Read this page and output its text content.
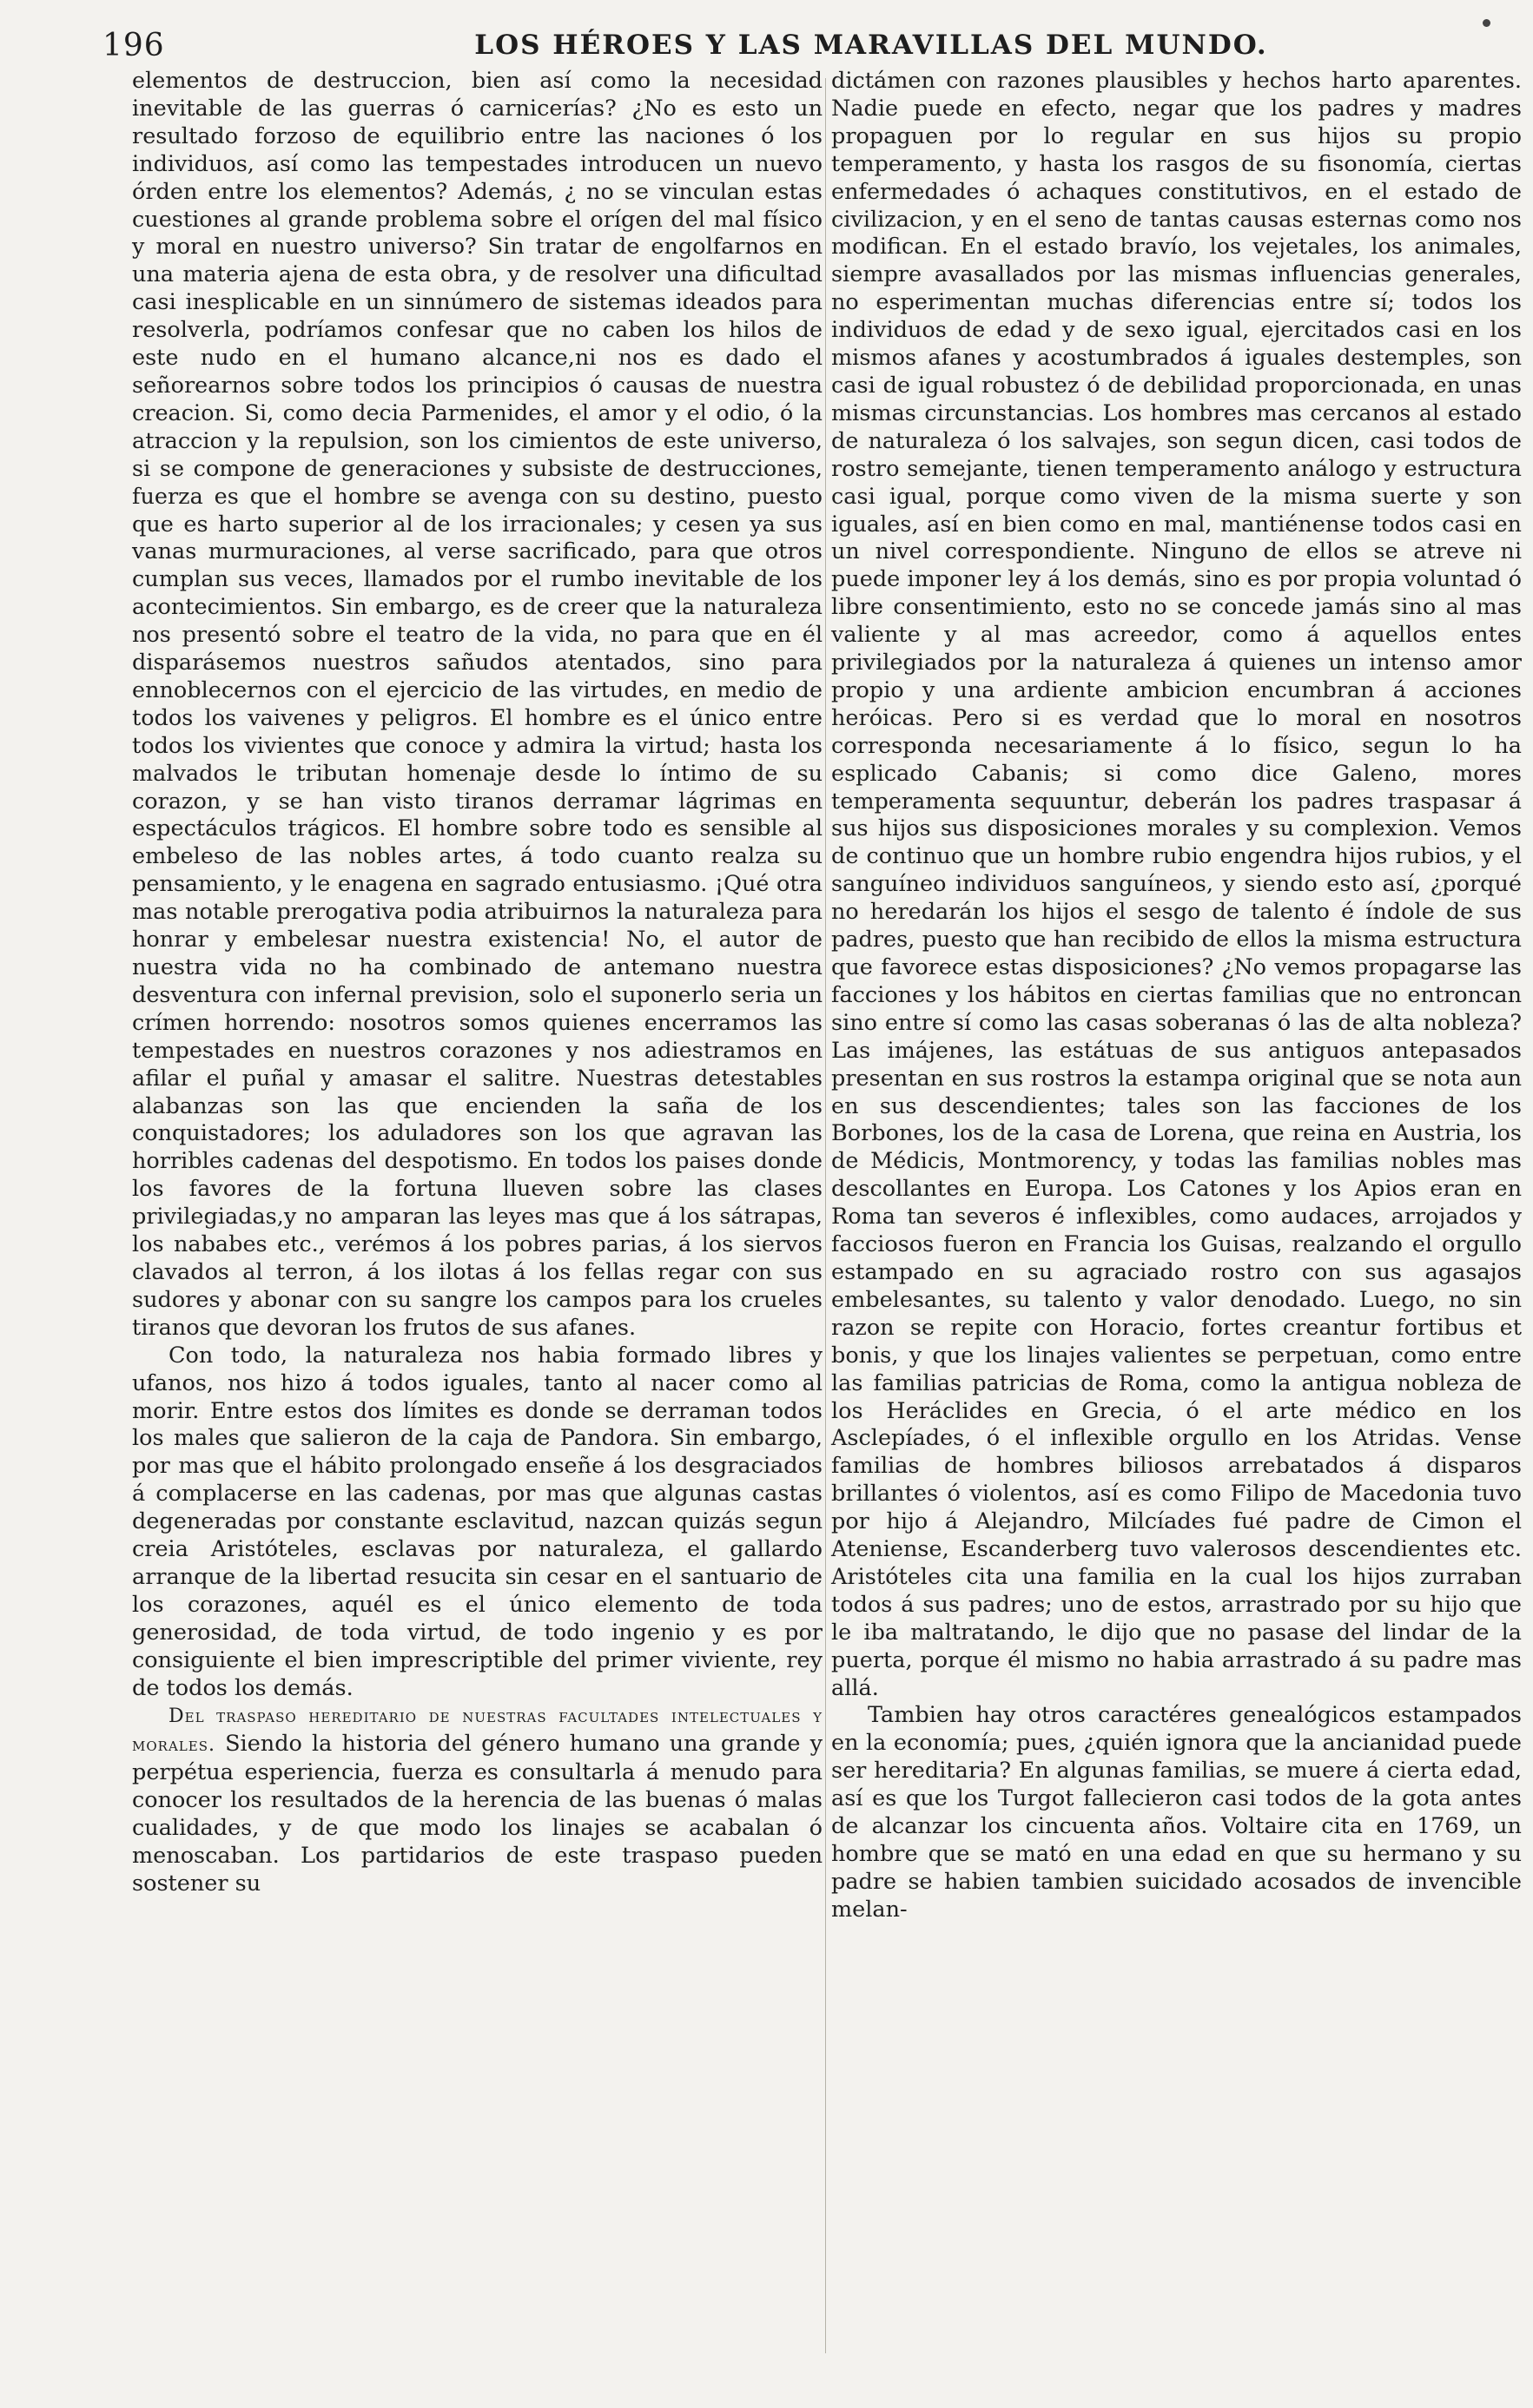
196	LOS HÉROES Y LAS MARAVILLAS DEL MUNDO.

elementos de destruccion, bien así como la necesidad inevitable de las guerras ó carnicerías? ¿No es esto un resultado forzoso de equilibrio entre las naciones ó los individuos, así como las tempestades introducen un nuevo órden entre los elementos? Además, ¿ no se vinculan estas cuestiones al grande problema sobre el orígen del mal físico y moral en nuestro universo? Sin tratar de engolfarnos en una materia ajena de esta obra, y de resolver una dificultad casi inesplicable en un sinnúmero de sistemas ideados para resolverla, podríamos confesar que no caben los hilos de este nudo en el humano alcance,ni nos es dado el señorearnos sobre todos los principios ó causas de nuestra creacion. Si, como decia Parmenides, el amor y el odio, ó la atraccion y la repulsion, son los cimientos de este universo, si se compone de generaciones y subsiste de destrucciones, fuerza es que el hombre se avenga con su destino, puesto que es harto superior al de los irracionales; y cesen ya sus vanas murmuraciones, al verse sacrificado, para que otros cumplan sus veces, llamados por el rumbo inevitable de los acontecimientos. Sin embargo, es de creer que la naturaleza nos presentó sobre el teatro de la vida, no para que en él disparásemos nuestros sañudos atentados, sino para ennoblecernos con el ejercicio de las virtudes, en medio de todos los vaivenes y peligros. El hombre es el único entre todos los vivientes que conoce y admira la virtud; hasta los malvados le tributan homenaje desde lo íntimo de su corazon, y se han visto tiranos derramar lágrimas en espectáculos trágicos. El hombre sobre todo es sensible al embeleso de las nobles artes, á todo cuanto realza su pensamiento, y le enagena en sagrado entusiasmo. ¡Qué otra mas notable prerogativa podia atribuirnos la naturaleza para honrar y embelesar nuestra existencia! No, el autor de nuestra vida no ha combinado de antemano nuestra desventura con infernal prevision, solo el suponerlo seria un crímen horrendo: nosotros somos quienes encerramos las tempestades en nuestros corazones y nos adiestramos en afilar el puñal y amasar el salitre. Nuestras detestables alabanzas son las que encienden la saña de los conquistadores; los aduladores son los que agravan las horribles cadenas del despotismo. En todos los paises donde los favores de la fortuna llueven sobre las clases privilegiadas,y no amparan las leyes mas que á los sátrapas, los nababes etc., verémos á los pobres parias, á los siervos clavados al terron, á los ilotas á los fellas regar con sus sudores y abonar con su sangre los campos para los crueles tiranos que devoran los frutos de sus afanes.

Con todo, la naturaleza nos habia formado libres y ufanos, nos hizo á todos iguales, tanto al nacer como al morir. Entre estos dos límites es donde se derraman todos los males que salieron de la caja de Pandora. Sin embargo, por mas que el hábito prolongado enseñe á los desgraciados á complacerse en las cadenas, por mas que algunas castas degeneradas por constante esclavitud, nazcan quizás segun creia Aristóteles, esclavas por naturaleza, el gallardo arranque de la libertad resucita sin cesar en el santuario de los corazones, aquél es el único elemento de toda generosidad, de toda virtud, de todo ingenio y es por consiguiente el bien imprescriptible del primer viviente, rey de todos los demás.

Del traspaso hereditario de nuestras facultades intelectuales y morales. Siendo la historia del género humano una grande y perpétua esperiencia, fuerza es consultarla á menudo para conocer los resultados de la herencia de las buenas ó malas cualidades, y de que modo los linajes se acabalan ó menoscaban. Los partidarios de este traspaso pueden sostener su

dictámen con razones plausibles y hechos harto aparentes. Nadie puede en efecto, negar que los padres y madres propaguen por lo regular en sus hijos su propio temperamento, y hasta los rasgos de su fisonomía, ciertas enfermedades ó achaques constitutivos, en el estado de civilizacion, y en el seno de tantas causas esternas como nos modifican. En el estado bravío, los vejetales, los animales, siempre avasallados por las mismas influencias generales, no esperimentan muchas diferencias entre sí; todos los individuos de edad y de sexo igual, ejercitados casi en los mismos afanes y acostumbrados á iguales destemples, son casi de igual robustez ó de debilidad proporcionada, en unas mismas circunstancias. Los hombres mas cercanos al estado de naturaleza ó los salvajes, son segun dicen, casi todos de rostro semejante, tienen temperamento análogo y estructura casi igual, porque como viven de la misma suerte y son iguales, así en bien como en mal, mantiénense todos casi en un nivel correspondiente. Ninguno de ellos se atreve ni puede imponer ley á los demás, sino es por propia voluntad ó libre consentimiento, esto no se concede jamás sino al mas valiente y al mas acreedor, como á aquellos entes privilegiados por la naturaleza á quienes un intenso amor propio y una ardiente ambicion encumbran á acciones heróicas. Pero si es verdad que lo moral en nosotros corresponda necesariamente á lo físico, segun lo ha esplicado Cabanis; si como dice Galeno, mores temperamenta sequuntur, deberán los padres traspasar á sus hijos sus disposiciones morales y su complexion. Vemos de continuo que un hombre rubio engendra hijos rubios, y el sanguíneo individuos sanguíneos, y siendo esto así, ¿porqué no heredarán los hijos el sesgo de talento é índole de sus padres, puesto que han recibido de ellos la misma estructura que favorece estas disposiciones? ¿No vemos propagarse las facciones y los hábitos en ciertas familias que no entroncan sino entre sí como las casas soberanas ó las de alta nobleza? Las imájenes, las estátuas de sus antiguos antepasados presentan en sus rostros la estampa original que se nota aun en sus descendientes; tales son las facciones de los Borbones, los de la casa de Lorena, que reina en Austria, los de Médicis, Montmorency, y todas las familias nobles mas descollantes en Europa. Los Catones y los Apios eran en Roma tan severos é inflexibles, como audaces, arrojados y facciosos fueron en Francia los Guisas, realzando el orgullo estampado en su agraciado rostro con sus agasajos embelesantes, su talento y valor denodado. Luego, no sin razon se repite con Horacio, fortes creantur fortibus et bonis, y que los linajes valientes se perpetuan, como entre las familias patricias de Roma, como la antigua nobleza de los Heráclides en Grecia, ó el arte médico en los Asclepíades, ó el inflexible orgullo en los Atridas. Vense familias de hombres biliosos arrebatados á disparos brillantes ó violentos, así es como Filipo de Macedonia tuvo por hijo á Alejandro, Milcíades fué padre de Cimon el Ateniense, Escanderberg tuvo valerosos descendientes etc. Aristóteles cita una familia en la cual los hijos zurraban todos á sus padres; uno de estos, arrastrado por su hijo que le iba maltratando, le dijo que no pasase del lindar de la puerta, porque él mismo no habia arrastrado á su padre mas allá.

Tambien hay otros caractéres genealógicos estampados en la economía; pues, ¿quién ignora que la ancianidad puede ser hereditaria? En algunas familias, se muere á cierta edad, así es que los Turgot fallecieron casi todos de la gota antes de alcanzar los cincuenta años. Voltaire cita en 1769, un hombre que se mató en una edad en que su hermano y su padre se habien tambien suicidado acosados de invencible melan-
